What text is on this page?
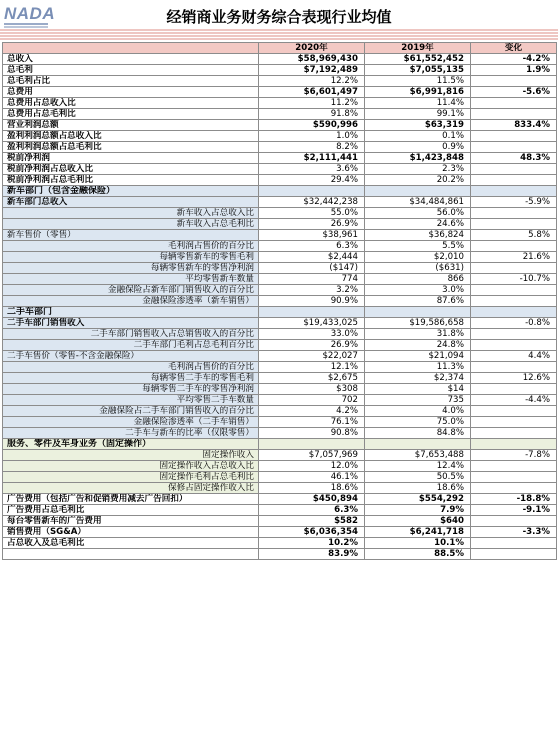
NADA	经销商业务财务综合表现行业均值
	2020年	2019年	变化
总收入	$58,969,430	$61,552,452	-4.2%
总毛利	$7,192,489	$7,055,135	1.9%
总毛利占比	12.2%	11.5%	
总费用	$6,601,497	$6,991,816	-5.6%
总费用占总收入比	11.2%	11.4%	
总费用占总毛利比	91.8%	99.1%	
营业利润总额	$590,996	$63,319	833.4%
盈利利润总额占总收入比	1.0%	0.1%	
盈利利润总额占总毛利比	8.2%	0.9%	
税前净利润	$2,111,441	$1,423,848	48.3%
税前净利润占总收入比	3.6%	2.3%	
税前净利润占总毛利比	29.4%	20.2%	
新车部门（包含金融保险）			
新车部门总收入	$32,442,238	$34,484,861	-5.9%
新车收入占总收入比	55.0%	56.0%	
新车收入占总毛利比	26.9%	24.6%	
新车售价（零售）	$38,961	$36,824	5.8%
毛利润占售价的百分比	6.3%	5.5%	
每辆零售新车的零售毛利	$2,444	$2,010	21.6%
每辆零售新车的零售净利润	($147)	($631)	
平均零售新车数量	774	866	-10.7%
金融保险占新车部门销售收入的百分比	3.2%	3.0%	
金融保险渗透率（新车销售）	90.9%	87.6%	
二手车部门			
二手车部门销售收入	$19,433,025	$19,586,658	-0.8%
二手车部门销售收入占总销售收入的百分比	33.0%	31.8%	
二手车部门毛利占总毛利百分比	26.9%	24.8%	
二手车售价（零售-不含金融保险）	$22,027	$21,094	4.4%
毛利润占售价的百分比	12.1%	11.3%	
每辆零售二手车的零售毛利	$2,675	$2,374	12.6%
每辆零售二手车的零售净利润	$308	$14	
平均零售二手车数量	702	735	-4.4%
金融保险占二手车部门销售收入的百分比	4.2%	4.0%	
金融保险渗透率（二手车销售）	76.1%	75.0%	
二手车与新车的比率（仅限零售）	90.8%	84.8%	
服务、零件及车身业务（固定操作）			
固定操作收入	$7,057,969	$7,653,488	-7.8%
固定操作收入占总收入比	12.0%	12.4%	
固定操作毛利占总毛利比	46.1%	50.5%	
保修占固定操作收入比	18.6%	18.6%	
广告费用（包括广告和促销费用减去广告回扣）	$450,894	$554,292	-18.8%
广告费用占总毛利比	6.3%	7.9%	-9.1%
每台零售新车的广告费用	$582	$640	
销售费用（SG&A）	$6,036,354	$6,241,718	-3.3%
占总收入及总毛利比	10.2%	10.1%	
	83.9%	88.5%	
